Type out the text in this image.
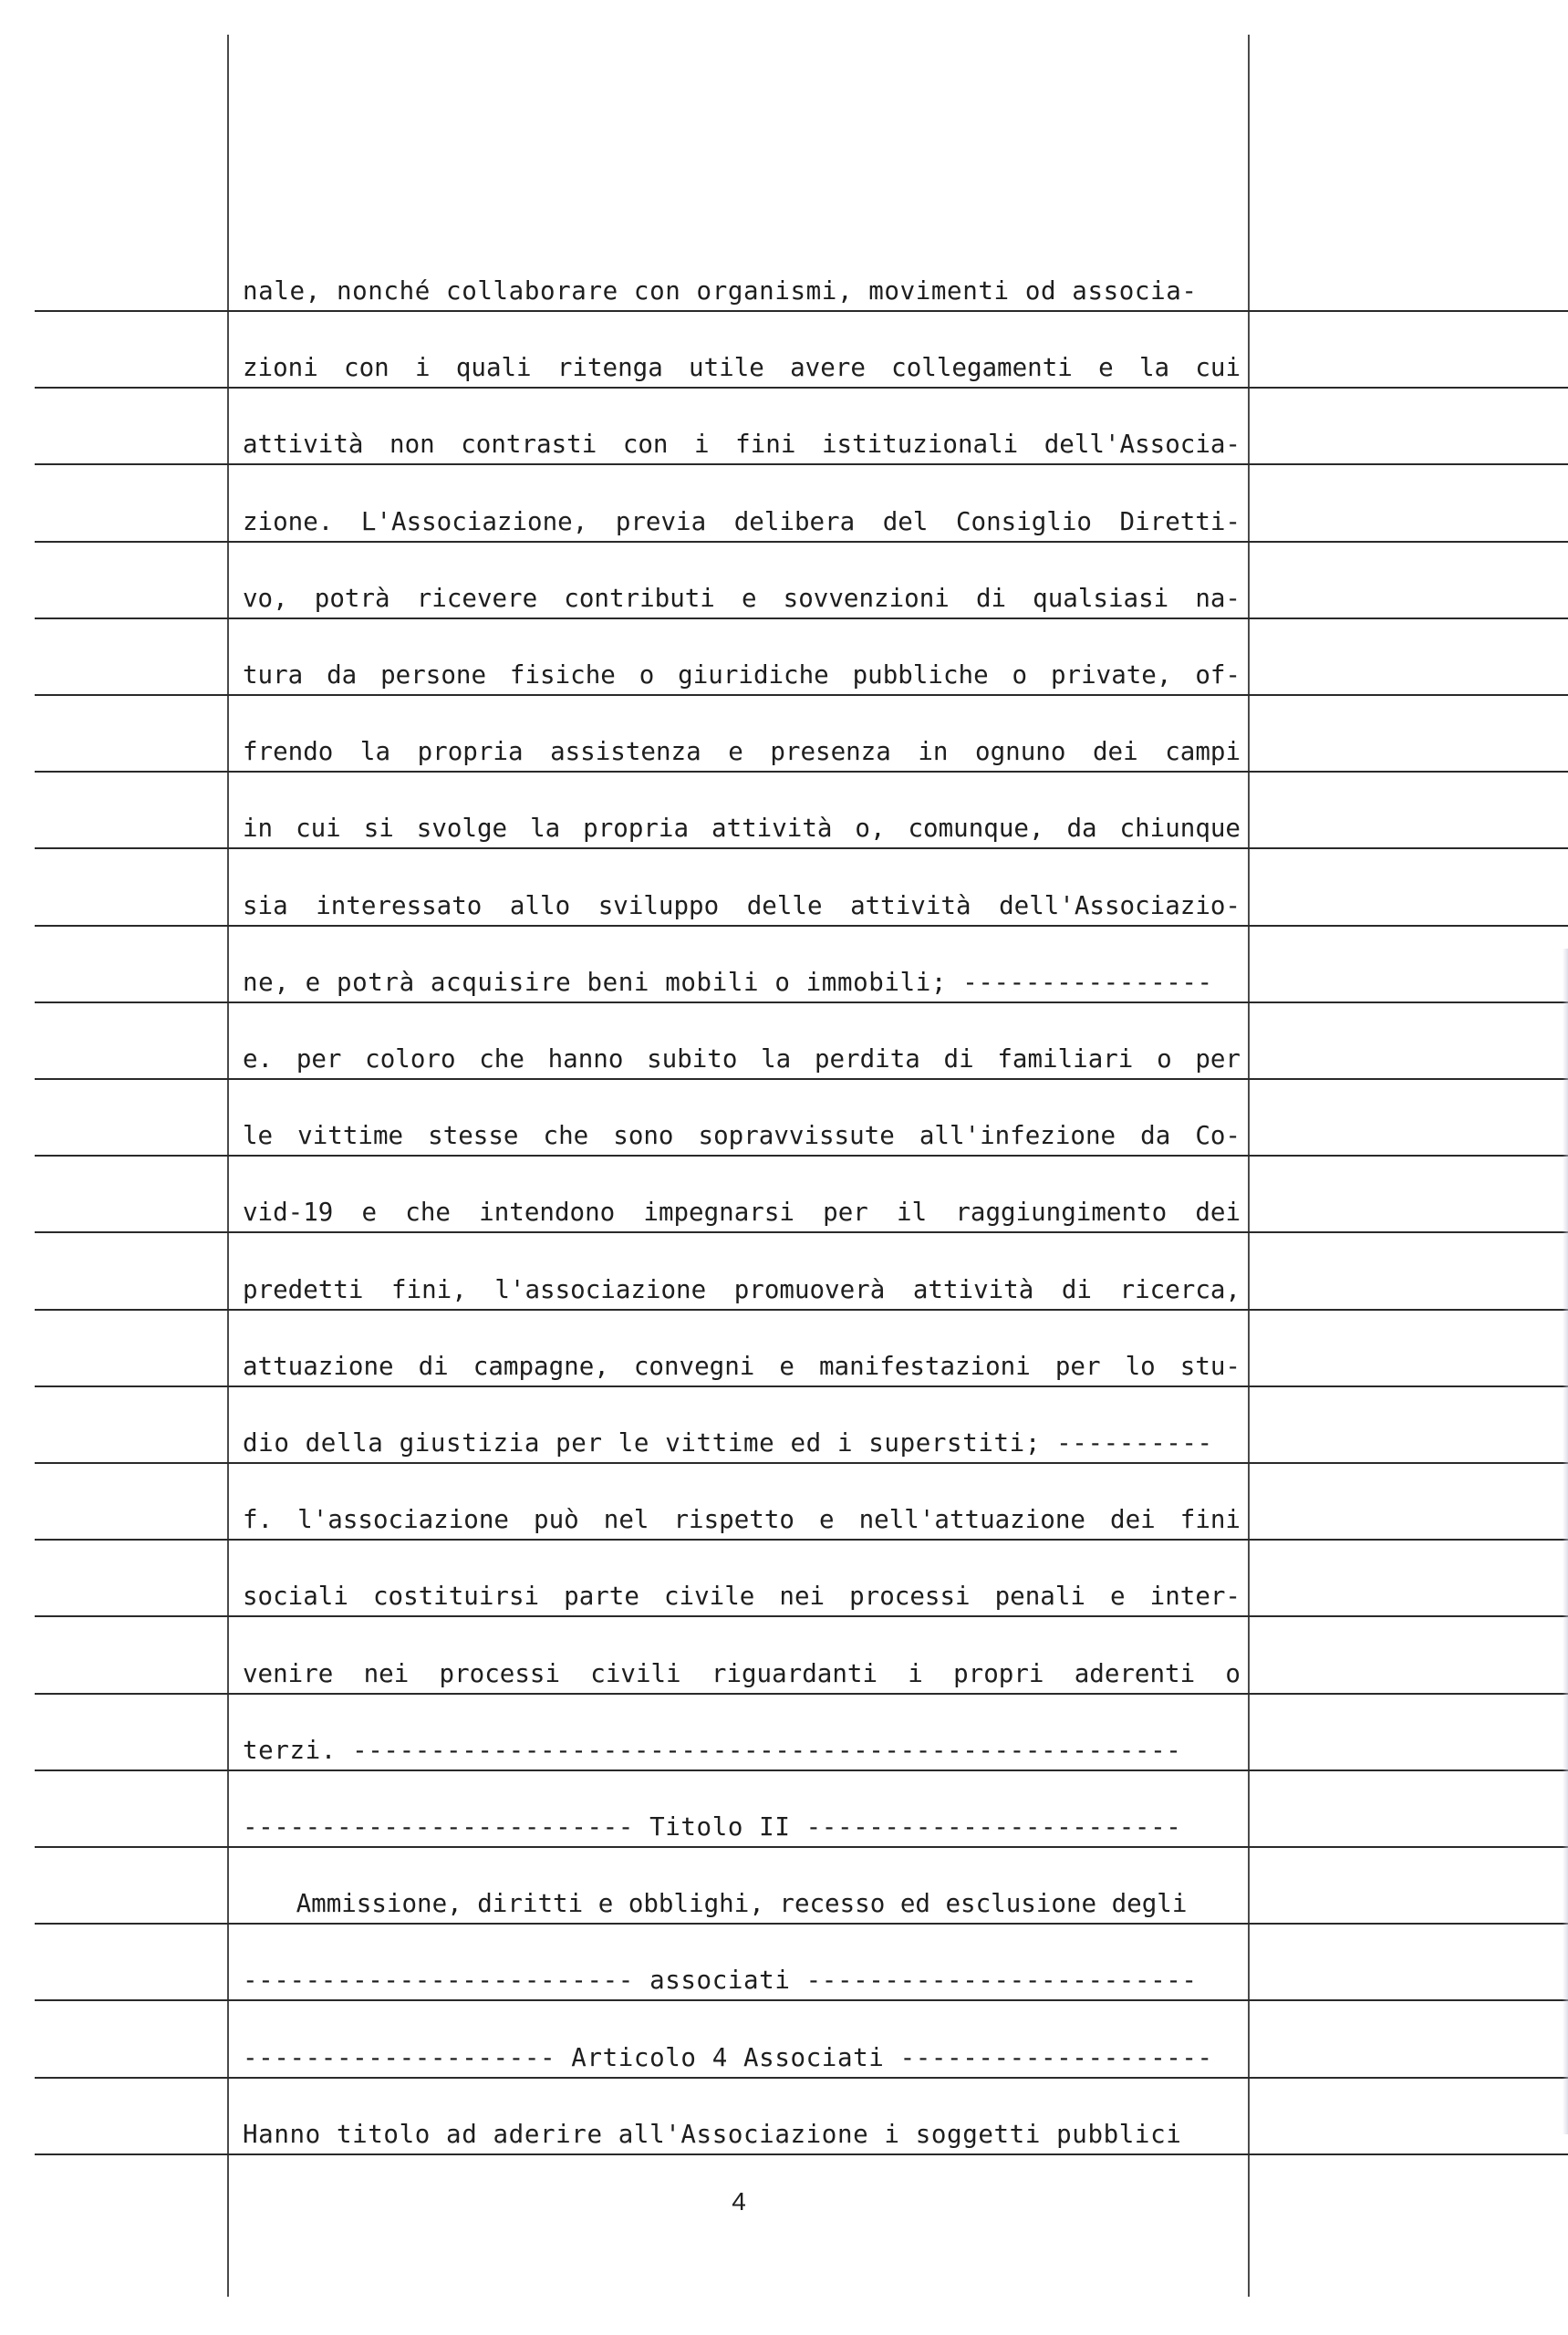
nale, nonché collaborare con organismi, movimenti od associa-
zioni con i quali ritenga utile avere collegamenti e la cui
attività non contrasti con i fini istituzionali dell'Associa-
zione. L'Associazione, previa delibera del Consiglio Diretti-
vo, potrà ricevere contributi e sovvenzioni di qualsiasi na-
tura da persone fisiche o giuridiche pubbliche o private, of-
frendo la propria assistenza e presenza in ognuno dei campi
in cui si svolge la propria attività o, comunque, da chiunque
sia interessato allo sviluppo delle attività dell'Associazio-
ne, e potrà acquisire beni mobili o immobili; ----------------
e. per coloro che hanno subito la perdita di familiari o per
le vittime stesse che sono sopravvissute all'infezione da Co-
vid-19 e che intendono impegnarsi per il raggiungimento dei
predetti fini, l'associazione promuoverà attività di ricerca,
attuazione di campagne, convegni e manifestazioni per lo stu-
dio della giustizia per le vittime ed i superstiti; ----------
f. l'associazione può nel rispetto e nell'attuazione dei fini
sociali costituirsi parte civile nei processi penali e inter-
venire nei processi civili riguardanti i propri aderenti o
terzi. -----------------------------------------------------
------------------------- Titolo II ------------------------
Ammissione, diritti e obblighi, recesso ed esclusione degli
------------------------- associati -------------------------
-------------------- Articolo 4 Associati --------------------
Hanno titolo ad aderire all'Associazione i soggetti pubblici
4
